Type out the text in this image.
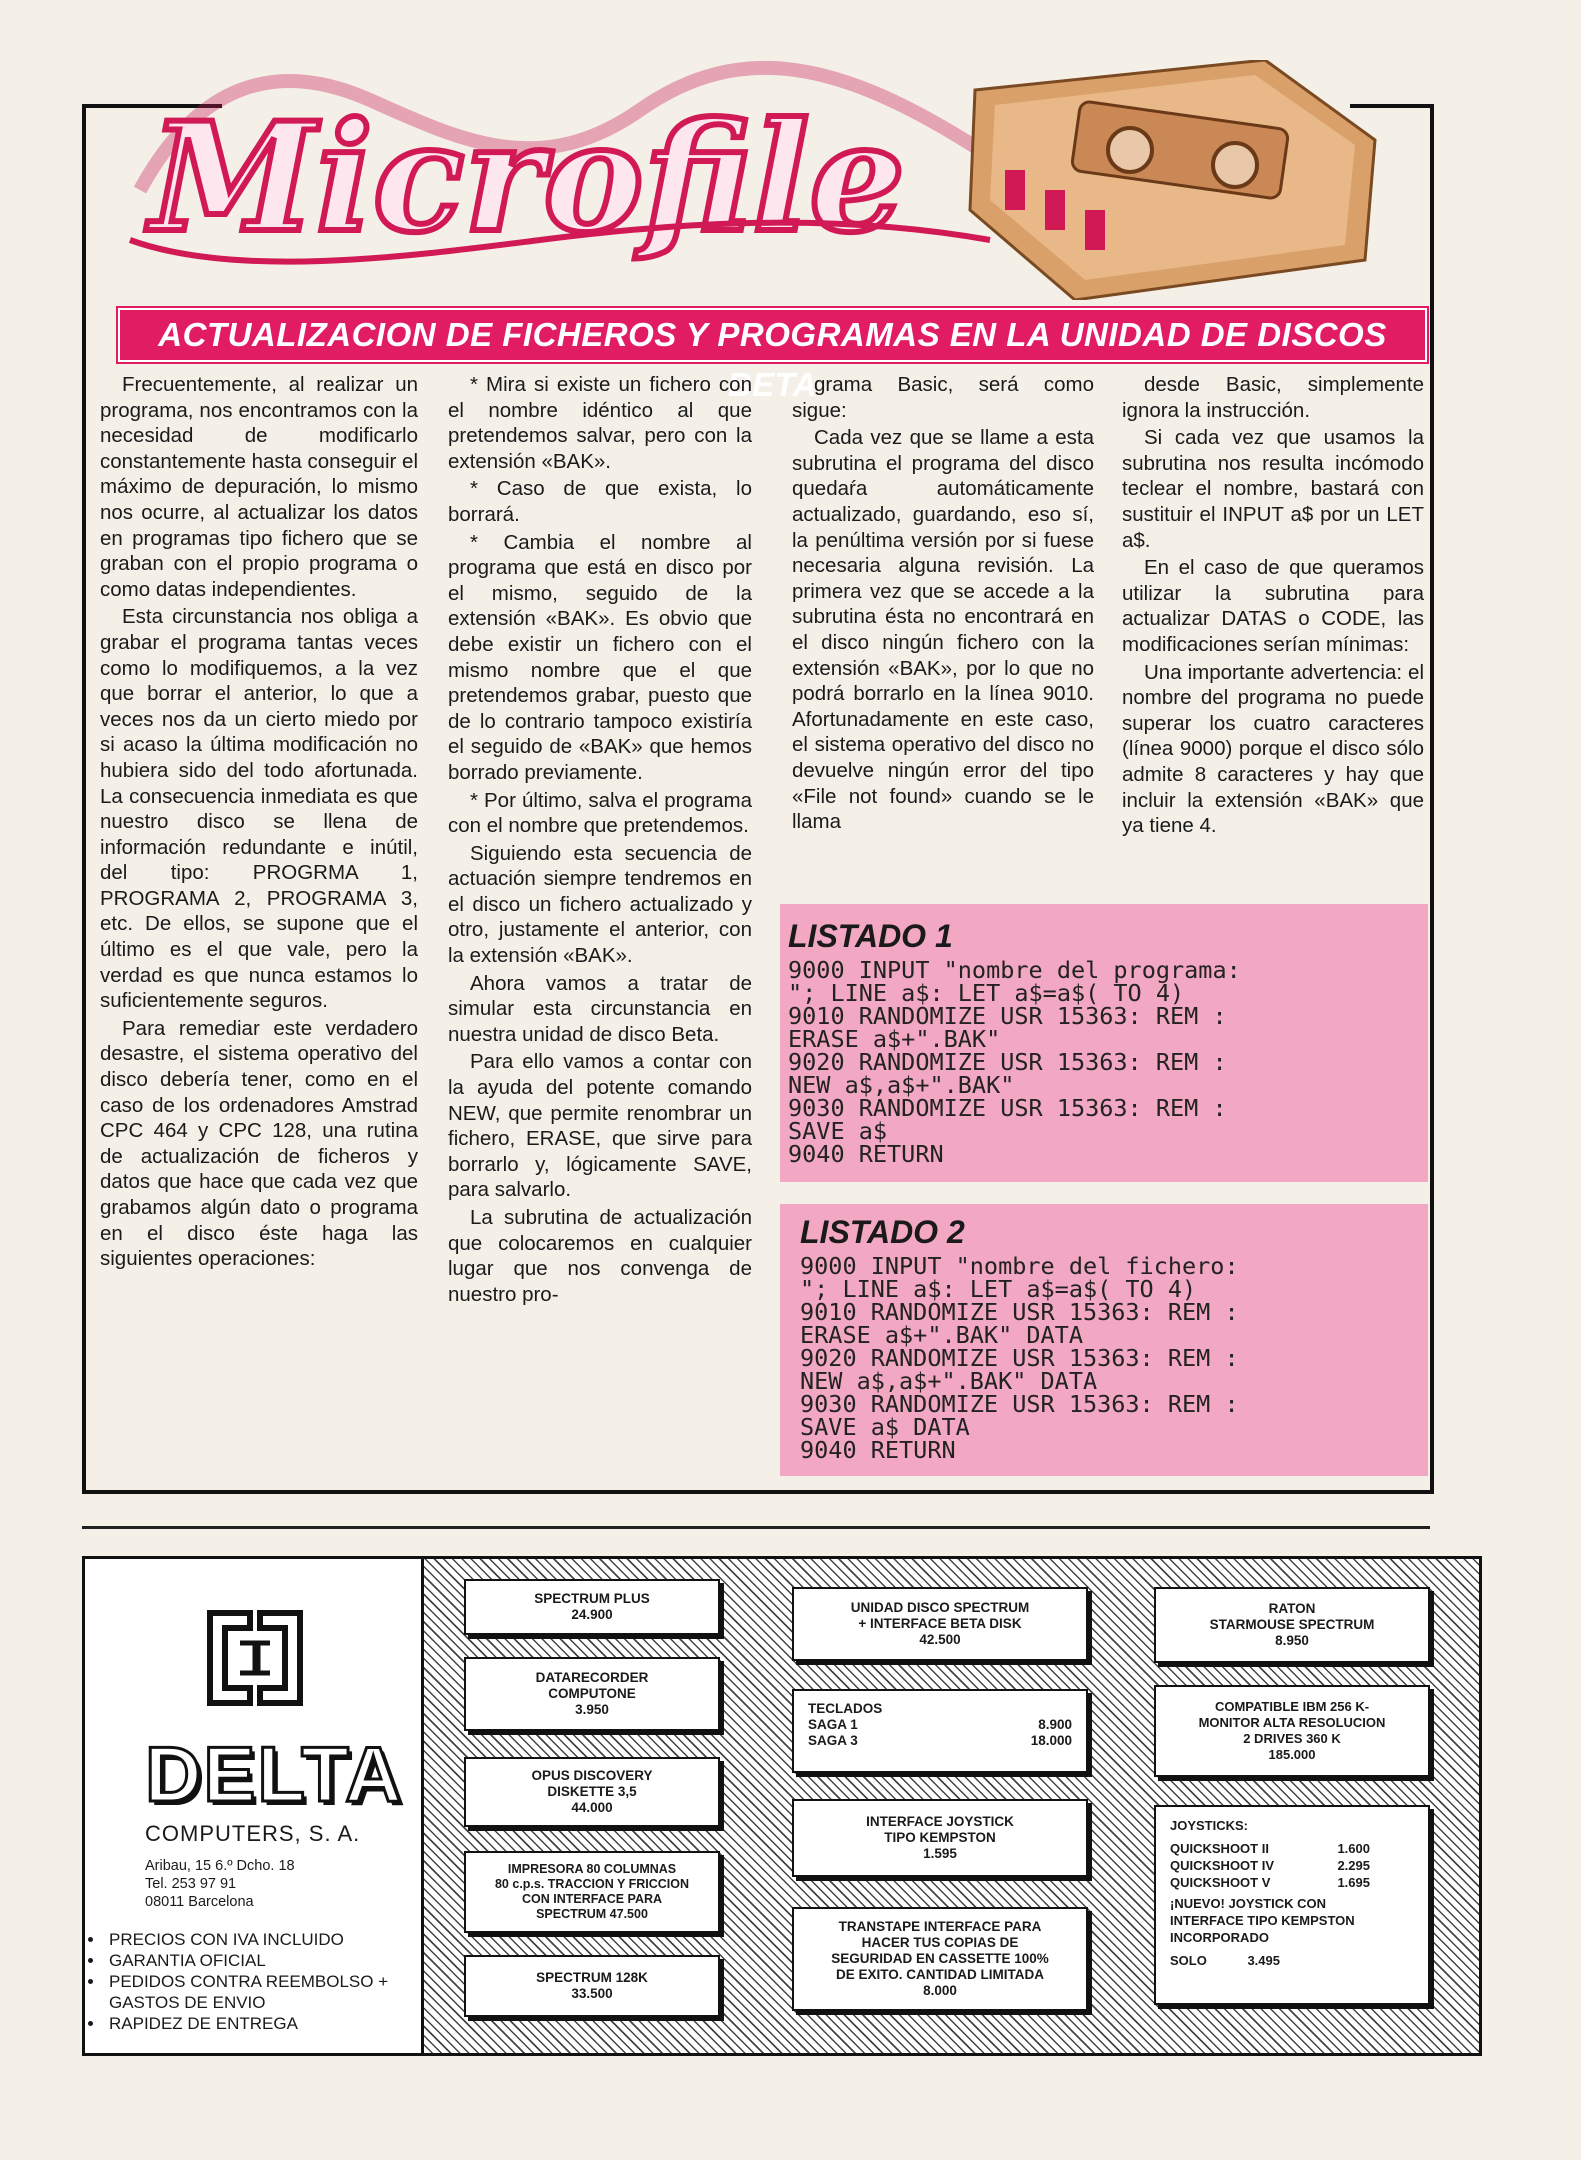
Microfile
ACTUALIZACION DE FICHEROS Y PROGRAMAS EN LA UNIDAD DE DISCOS BETA

Frecuentemente, al realizar un programa, nos encontramos con la necesidad de modificarlo constantemente hasta conseguir el máximo de depuración, lo mismo nos ocurre, al actualizar los datos en programas tipo fichero que se graban con el propio programa o como datas independientes.

Esta circunstancia nos obliga a grabar el programa tantas veces como lo modifiquemos, a la vez que borrar el anterior, lo que a veces nos da un cierto miedo por si acaso la última modificación no hubiera sido del todo afortunada. La consecuencia inmediata es que nuestro disco se llena de información redundante e inútil, del tipo: PROGRMA 1, PROGRAMA 2, PROGRAMA 3, etc. De ellos, se supone que el último es el que vale, pero la verdad es que nunca estamos lo suficientemente seguros.

Para remediar este verdadero desastre, el sistema operativo del disco debería tener, como en el caso de los ordenadores Amstrad CPC 464 y CPC 128, una rutina de actualización de ficheros y datos que hace que cada vez que grabamos algún dato o programa en el disco éste haga las siguientes operaciones:

* Mira si existe un fichero con el nombre idéntico al que pretendemos salvar, pero con la extensión «BAK».

* Caso de que exista, lo borrará.

* Cambia el nombre al programa que está en disco por el mismo, seguido de la extensión «BAK». Es obvio que debe existir un fichero con el mismo nombre que el que pretendemos grabar, puesto que de lo contrario tampoco existiría el seguido de «BAK» que hemos borrado previamente.

* Por último, salva el programa con el nombre que pretendemos.

Siguiendo esta secuencia de actuación siempre tendremos en el disco un fichero actualizado y otro, justamente el anterior, con la extensión «BAK».

Ahora vamos a tratar de simular esta circunstancia en nuestra unidad de disco Beta.

Para ello vamos a contar con la ayuda del potente comando NEW, que permite renombrar un fichero, ERASE, que sirve para borrarlo y, lógicamente SAVE, para salvarlo.

La subrutina de actualización que colocaremos en cualquier lugar que nos convenga de nuestro pro-

grama Basic, será como sigue:

Cada vez que se llame a esta subrutina el programa del disco quedaŕa automáticamente actualizado, guardando, eso sí, la penúltima versión por si fuese necesaria alguna revisión. La primera vez que se accede a la subrutina ésta no encontrará en el disco ningún fichero con la extensión «BAK», por lo que no podrá borrarlo en la línea 9010. Afortunadamente en este caso, el sistema operativo del disco no devuelve ningún error del tipo «File not found» cuando se le llama

desde Basic, simplemente ignora la instrucción.

Si cada vez que usamos la subrutina nos resulta incómodo teclear el nombre, bastará con sustituir el INPUT a$ por un LET a$.

En el caso de que queramos utilizar la subrutina para actualizar DATAS o CODE, las modificaciones serían mínimas:

Una importante advertencia: el nombre del programa no puede superar los cuatro caracteres (línea 9000) porque el disco sólo admite 8 caracteres y hay que incluir la extensión «BAK» que ya tiene 4.

LISTADO 1
9000 INPUT "nombre del programa:
"; LINE a$: LET a$=a$( TO 4)
9010 RANDOMIZE USR 15363: REM :
ERASE a$+".BAK"
9020 RANDOMIZE USR 15363: REM :
NEW a$,a$+".BAK"
9030 RANDOMIZE USR 15363: REM :
SAVE a$
9040 RETURN
LISTADO 2
9000 INPUT "nombre del fichero:
"; LINE a$: LET a$=a$( TO 4)
9010 RANDOMIZE USR 15363: REM :
ERASE a$+".BAK" DATA
9020 RANDOMIZE USR 15363: REM :
NEW a$,a$+".BAK" DATA
9030 RANDOMIZE USR 15363: REM :
SAVE a$ DATA
9040 RETURN
DELTA
COMPUTERS, S. A.
Aribau, 15 6.º Dcho. 18
Tel. 253 97 91
08011 Barcelona
• PRECIOS CON IVA INCLUIDO
• GARANTIA OFICIAL
• PEDIDOS CONTRA REEMBOLSO + GASTOS DE ENVIO
• RAPIDEZ DE ENTREGA
SPECTRUM PLUS
24.900
DATARECORDER
COMPUTONE
3.950
OPUS DISCOVERY
DISKETTE 3,5
44.000
IMPRESORA 80 COLUMNAS
80 c.p.s. TRACCION Y FRICCION
CON INTERFACE PARA
SPECTRUM 47.500
SPECTRUM 128K
33.500
UNIDAD DISCO SPECTRUM
+ INTERFACE BETA DISK
42.500
TECLADOS
SAGA 1	8.900
SAGA 3	18.000
INTERFACE JOYSTICK
TIPO KEMPSTON
1.595
TRANSTAPE INTERFACE PARA
HACER TUS COPIAS DE
SEGURIDAD EN CASSETTE 100%
DE EXITO. CANTIDAD LIMITADA
8.000
RATON
STARMOUSE SPECTRUM
8.950
COMPATIBLE IBM 256 K-
MONITOR ALTA RESOLUCION
2 DRIVES 360 K
185.000
JOYSTICKS:
QUICKSHOOT II	1.600
QUICKSHOOT IV	2.295
QUICKSHOOT V	1.695
¡NUEVO! JOYSTICK CON
INTERFACE TIPO KEMPSTON
INCORPORADO
SOLO	3.495
